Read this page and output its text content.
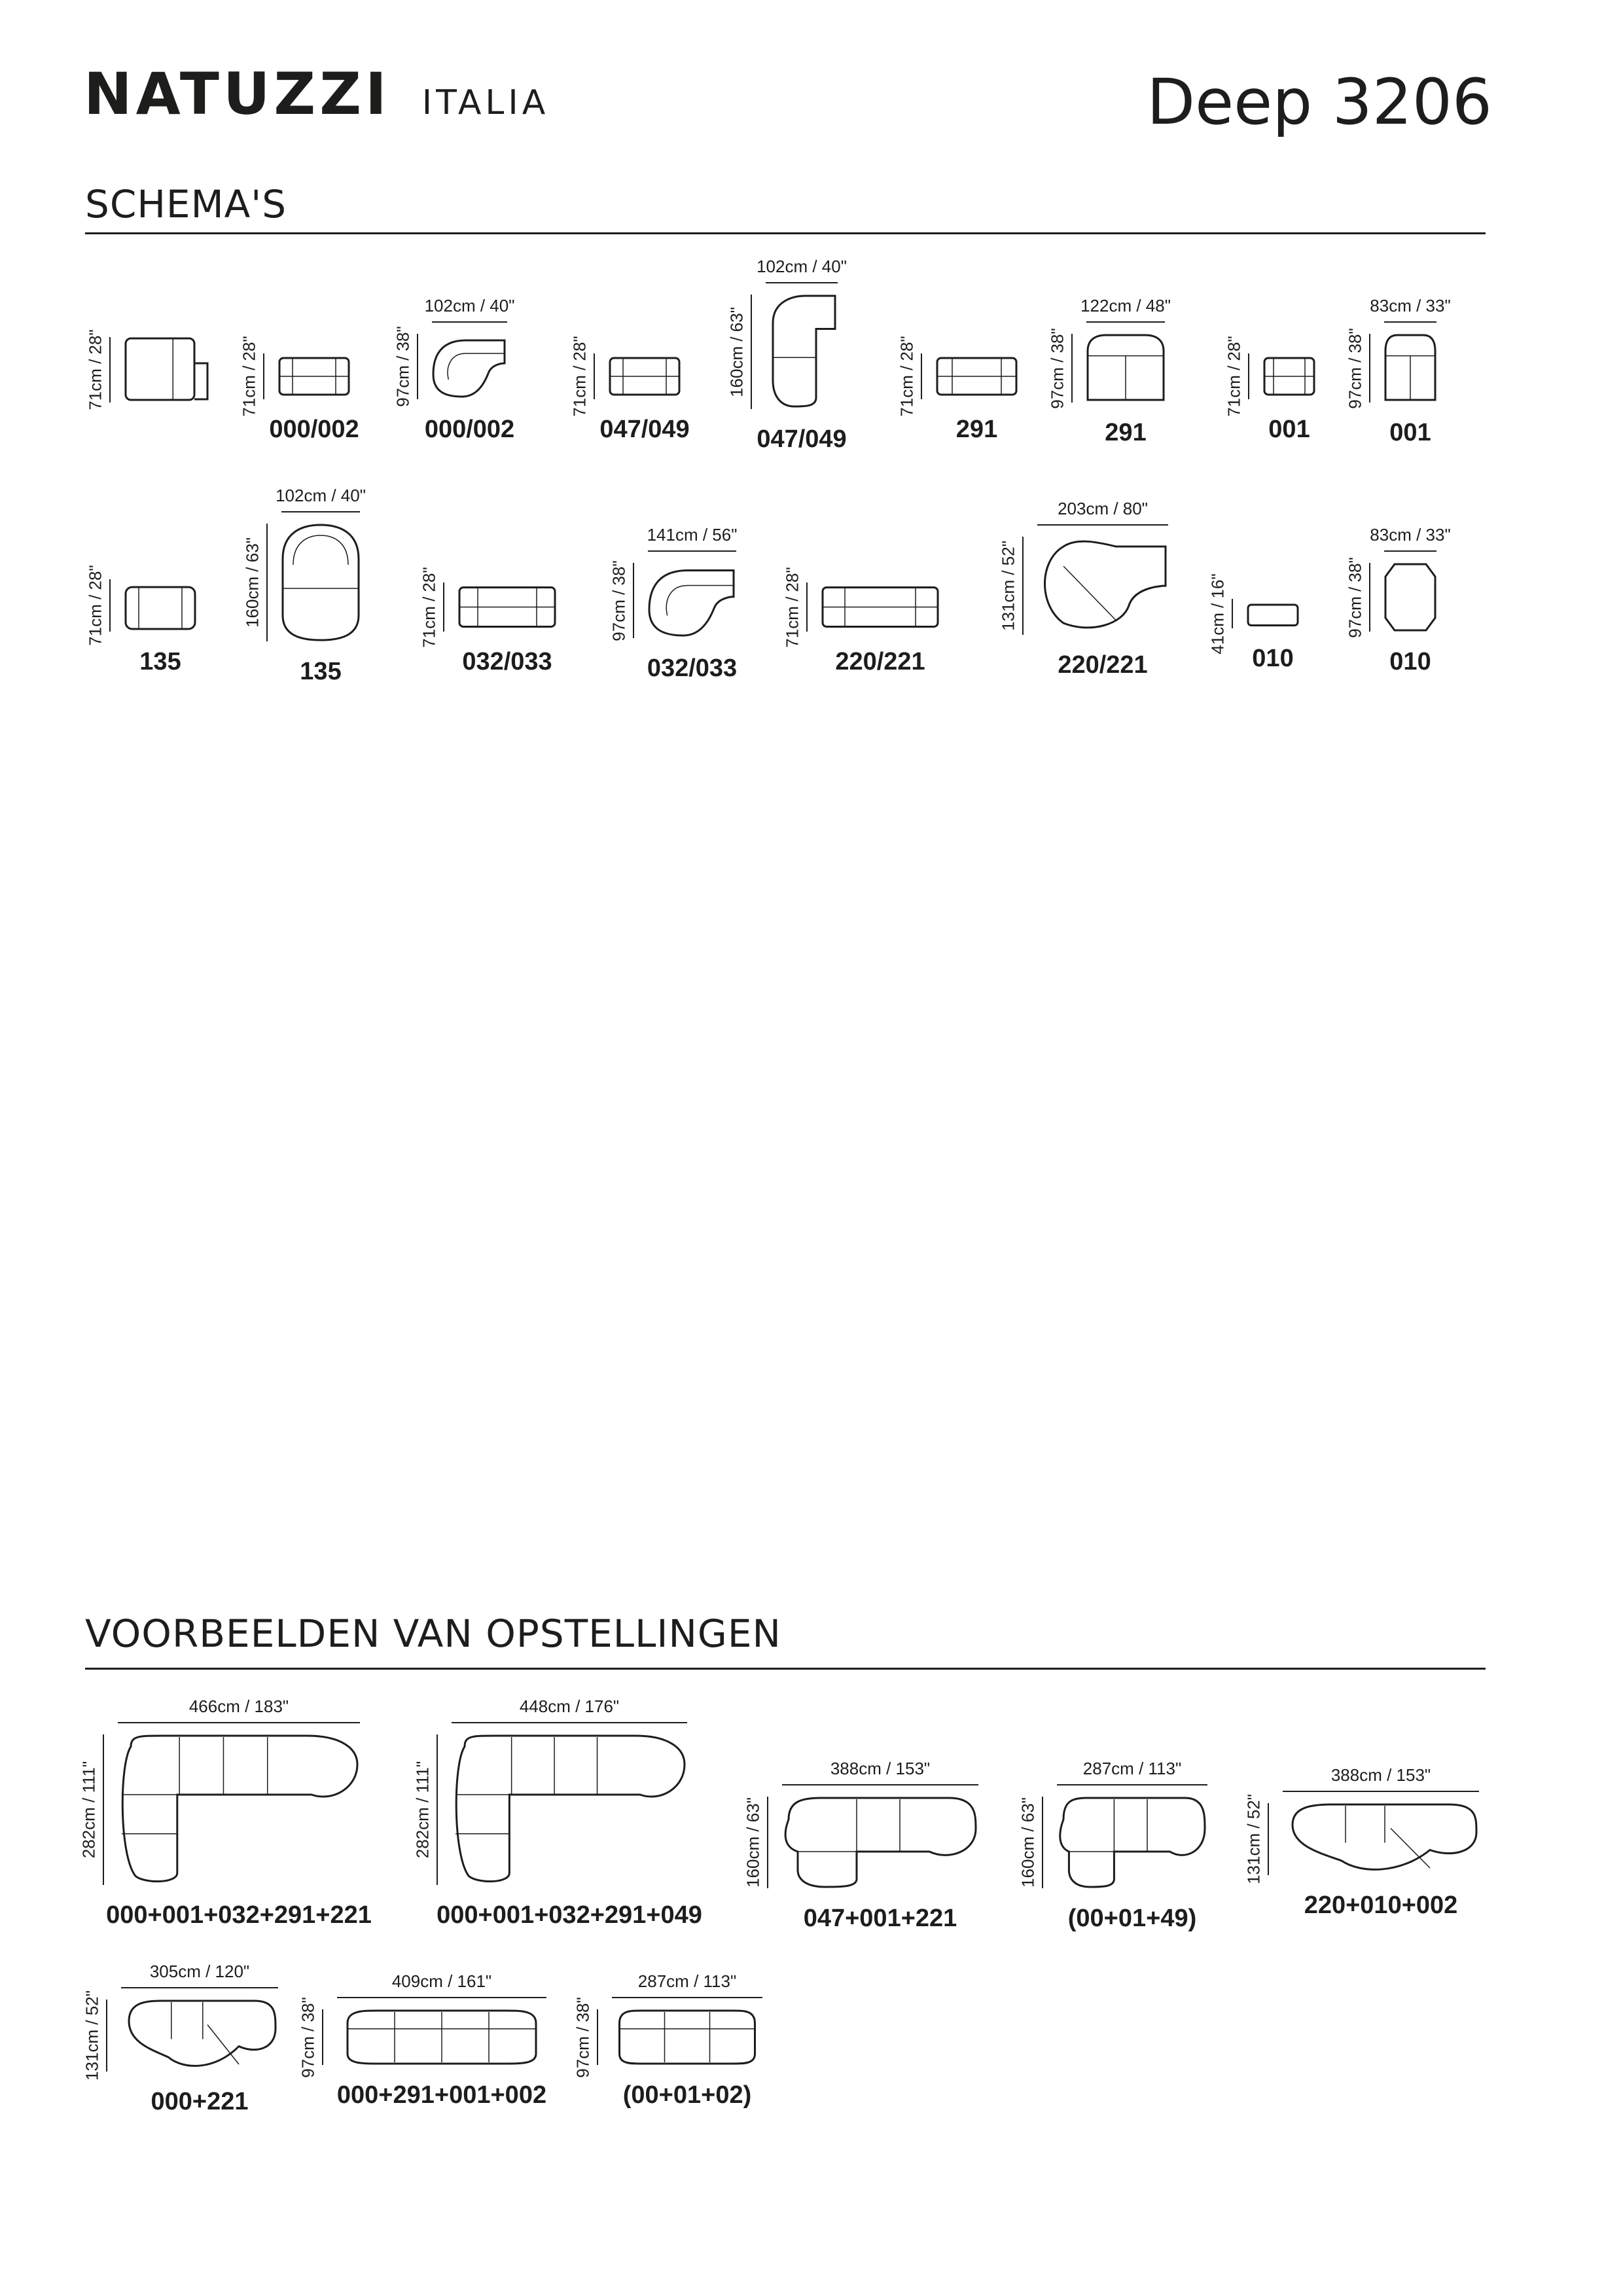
NATUZZI ITALIA	Deep 3206
SCHEMA'S
71cm / 28"	71cm / 28"
000/002
97cm / 38"
102cm / 40"
000/002
71cm / 28"
047/049
160cm / 63"
102cm / 40"
047/049
71cm / 28"
291
97cm / 38"
122cm / 48"
291
71cm / 28"
001
97cm / 38"
83cm / 33"
001
71cm / 28"
135
160cm / 63"
102cm / 40"
135
71cm / 28"
032/033
97cm / 38"
141cm / 56"
032/033
71cm / 28"
220/221
131cm / 52"
203cm / 80"
220/221
41cm / 16"
010
97cm / 38"
83cm / 33"
010
VOORBEELDEN VAN OPSTELLINGEN
282cm / 111"
466cm / 183"
000+001+032+291+221
282cm / 111"
448cm / 176"
000+001+032+291+049
160cm / 63"
388cm / 153"
047+001+221
160cm / 63"
287cm / 113"
(00+01+49)
131cm / 52"
388cm / 153"
220+010+002
131cm / 52"
305cm / 120"
000+221
97cm / 38"
409cm / 161"
000+291+001+002
97cm / 38"
287cm / 113"
(00+01+02)
